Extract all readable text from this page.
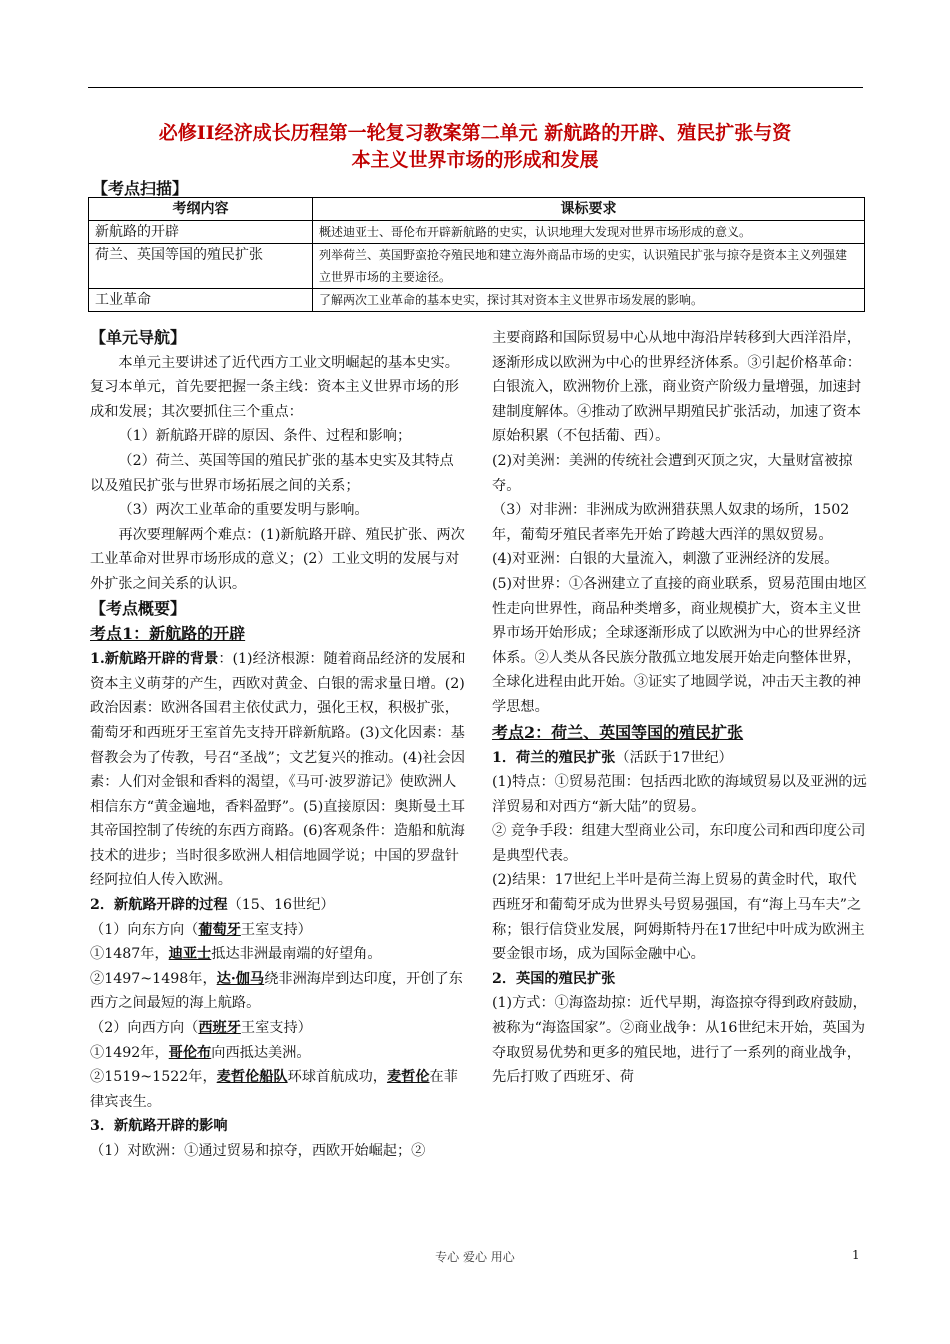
必修II经济成长历程第一轮复习教案第二单元 新航路的开辟、殖民扩张与资
本主义世界市场的形成和发展
【考点扫描】
考纲内容	课标要求
新航路的开辟	概述迪亚士、哥伦布开辟新航路的史实，认识地理大发现对世界市场形成的意义。
荷兰、英国等国的殖民扩张	列举荷兰、英国野蛮抢夺殖民地和建立海外商品市场的史实，认识殖民扩张与掠夺是资本主义列强建立世界市场的主要途径。
工业革命	了解两次工业革命的基本史实，探讨其对资本主义世界市场发展的影响。

【单元导航】

本单元主要讲述了近代西方工业文明崛起的基本史实。复习本单元，首先要把握一条主线：资本主义世界市场的形成和发展；其次要抓住三个重点：

（1）新航路开辟的原因、条件、过程和影响；

（2）荷兰、英国等国的殖民扩张的基本史实及其特点以及殖民扩张与世界市场拓展之间的关系；

（3）两次工业革命的重要发明与影响。

再次要理解两个难点：(1)新航路开辟、殖民扩张、两次工业革命对世界市场形成的意义；(2）工业文明的发展与对外扩张之间关系的认识。

【考点概要】

考点1：新航路的开辟

1.新航路开辟的背景：(1)经济根源：随着商品经济的发展和资本主义萌芽的产生，西欧对黄金、白银的需求量日增。(2)政治因素：欧洲各国君主依仗武力，强化王权，积极扩张，葡萄牙和西班牙王室首先支持开辟新航路。(3)文化因素：基督教会为了传教，号召“圣战”；文艺复兴的推动。(4)社会因素：人们对金银和香料的渴望，《马可·波罗游记》使欧洲人相信东方“黄金遍地，香料盈野”。(5)直接原因：奥斯曼土耳其帝国控制了传统的东西方商路。(6)客观条件：造船和航海技术的进步；当时很多欧洲人相信地圆学说；中国的罗盘针经阿拉伯人传入欧洲。

2．新航路开辟的过程（15、16世纪）

（1）向东方向（葡萄牙王室支持）

①1487年，迪亚士抵达非洲最南端的好望角。

②1497~1498年，达·伽马绕非洲海岸到达印度，开创了东西方之间最短的海上航路。

（2）向西方向（西班牙王室支持）

①1492年，哥伦布向西抵达美洲。

②1519~1522年，麦哲伦船队环球首航成功，麦哲伦在菲律宾丧生。

3．新航路开辟的影响

（1）对欧洲：①通过贸易和掠夺，西欧开始崛起；②

主要商路和国际贸易中心从地中海沿岸转移到大西洋沿岸，逐渐形成以欧洲为中心的世界经济体系。③引起价格革命：白银流入，欧洲物价上涨，商业资产阶级力量增强，加速封建制度解体。④推动了欧洲早期殖民扩张活动，加速了资本原始积累（不包括葡、西）。

(2)对美洲：美洲的传统社会遭到灭顶之灾，大量财富被掠夺。

（3）对非洲：非洲成为欧洲猎获黑人奴隶的场所，1502年，葡萄牙殖民者率先开始了跨越大西洋的黑奴贸易。

(4)对亚洲：白银的大量流入，刺激了亚洲经济的发展。

(5)对世界：①各洲建立了直接的商业联系，贸易范围由地区性走向世界性，商品种类增多，商业规模扩大，资本主义世界市场开始形成；全球逐渐形成了以欧洲为中心的世界经济体系。②人类从各民族分散孤立地发展开始走向整体世界，全球化进程由此开始。③证实了地圆学说，冲击天主教的神学思想。

考点2：荷兰、英国等国的殖民扩张

1．荷兰的殖民扩张（活跃于17世纪）

(1)特点：①贸易范围：包括西北欧的海域贸易以及亚洲的远洋贸易和对西方“新大陆”的贸易。

② 竞争手段：组建大型商业公司，东印度公司和西印度公司是典型代表。

(2)结果：17世纪上半叶是荷兰海上贸易的黄金时代，取代西班牙和葡萄牙成为世界头号贸易强国，有“海上马车夫”之称；银行信贷业发展，阿姆斯特丹在17世纪中叶成为欧洲主要金银市场，成为国际金融中心。

2．英国的殖民扩张

(1)方式：①海盗劫掠：近代早期，海盗掠夺得到政府鼓励，被称为“海盗国家”。②商业战争：从16世纪末开始，英国为夺取贸易优势和更多的殖民地，进行了一系列的商业战争，先后打败了西班牙、荷

专心 爱心 用心	1
